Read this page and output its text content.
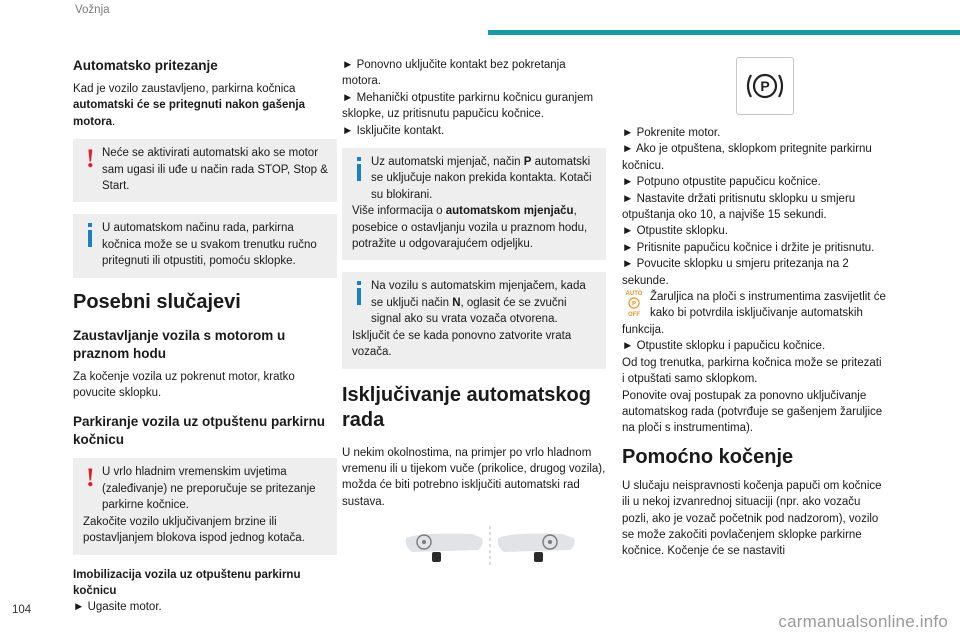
Vožnja
Automatsko pritezanje

Kad je vozilo zaustavljeno, parkirna kočnica automatski će se pritegnuti nakon gašenja motora.

! Neće se aktivirati automatski ako se motor sam ugasi ili uđe u način rada STOP, Stop & Start.

U automatskom načinu rada, parkirna kočnica može se u svakom trenutku ručno pritegnuti ili otpustiti, pomoću sklopke.

Posebni slučajevi
Zaustavljanje vozila s motorom u praznom hodu

Za kočenje vozila uz pokrenut motor, kratko povucite sklopku.

Parkiranje vozila uz otpuštenu parkirnu kočnicu
! U vrlo hladnim vremenskim uvjetima (zaleđivanje) ne preporučuje se pritezanje parkirne kočnice.

Zakočite vozilo uključivanjem brzine ili postavljanjem blokova ispod jednog kotača.

Imobilizacija vozila uz otpuštenu parkirnu kočnicu
► Ugasite motor.
► Ponovno uključite kontakt bez pokretanja motora.
► Mehanički otpustite parkirnu kočnicu guranjem sklopke, uz pritisnutu papučicu kočnice.
► Isključite kontakt.

Uz automatski mjenjač, način P automatski se uključuje nakon prekida kontakta. Kotači su blokirani.

Više informacija o automatskom mjenjaču, posebice o ostavljanju vozila u praznom hodu, potražite u odgovarajućem odjeljku.

Na vozilu s automatskim mjenjačem, kada se uključi način N, oglasit će se zvučni signal ako su vrata vozača otvorena.

Isključit će se kada ponovno zatvorite vrata vozača.

Isključivanje automatskog rada

U nekim okolnostima, na primjer po vrlo hladnom vremenu ili u tijekom vuče (prikolice, drugog vozila), možda će biti potrebno isključiti automatski rad sustava.

P
► Pokrenite motor.
► Ako je otpuštena, sklopkom pritegnite parkirnu kočnicu.
► Potpuno otpustite papučicu kočnice.
► Nastavite držati pritisnutu sklopku u smjeru otpuštanja oko 10, a najviše 15 sekundi.
► Otpustite sklopku.
► Pritisnite papučicu kočnice i držite je pritisnutu.
► Povucite sklopku u smjeru pritezanja na 2 sekunde.
AUTO
P
OFF
Žaruljica na ploči s instrumentima zasvijetlit će kako bi potvrdila isključivanje automatskih funkcija.
► Otpustite sklopku i papučicu kočnice.

Od tog trenutka, parkirna kočnica može se pritezati i otpuštati samo sklopkom.

Ponovite ovaj postupak za ponovno uključivanje automatskog rada (potvrđuje se gašenjem žaruljice na ploči s instrumentima).

Pomoćno kočenje

U slučaju neispravnosti kočenja papuči om kočnice ili u nekoj izvanrednoj situaciji (npr. ako vozaču pozli, ako je vozač početnik pod nadzorom), vozilo se može zakočiti povlačenjem sklopke parkirne kočnice. Kočenje će se nastaviti

104
carmanualsonline.info
